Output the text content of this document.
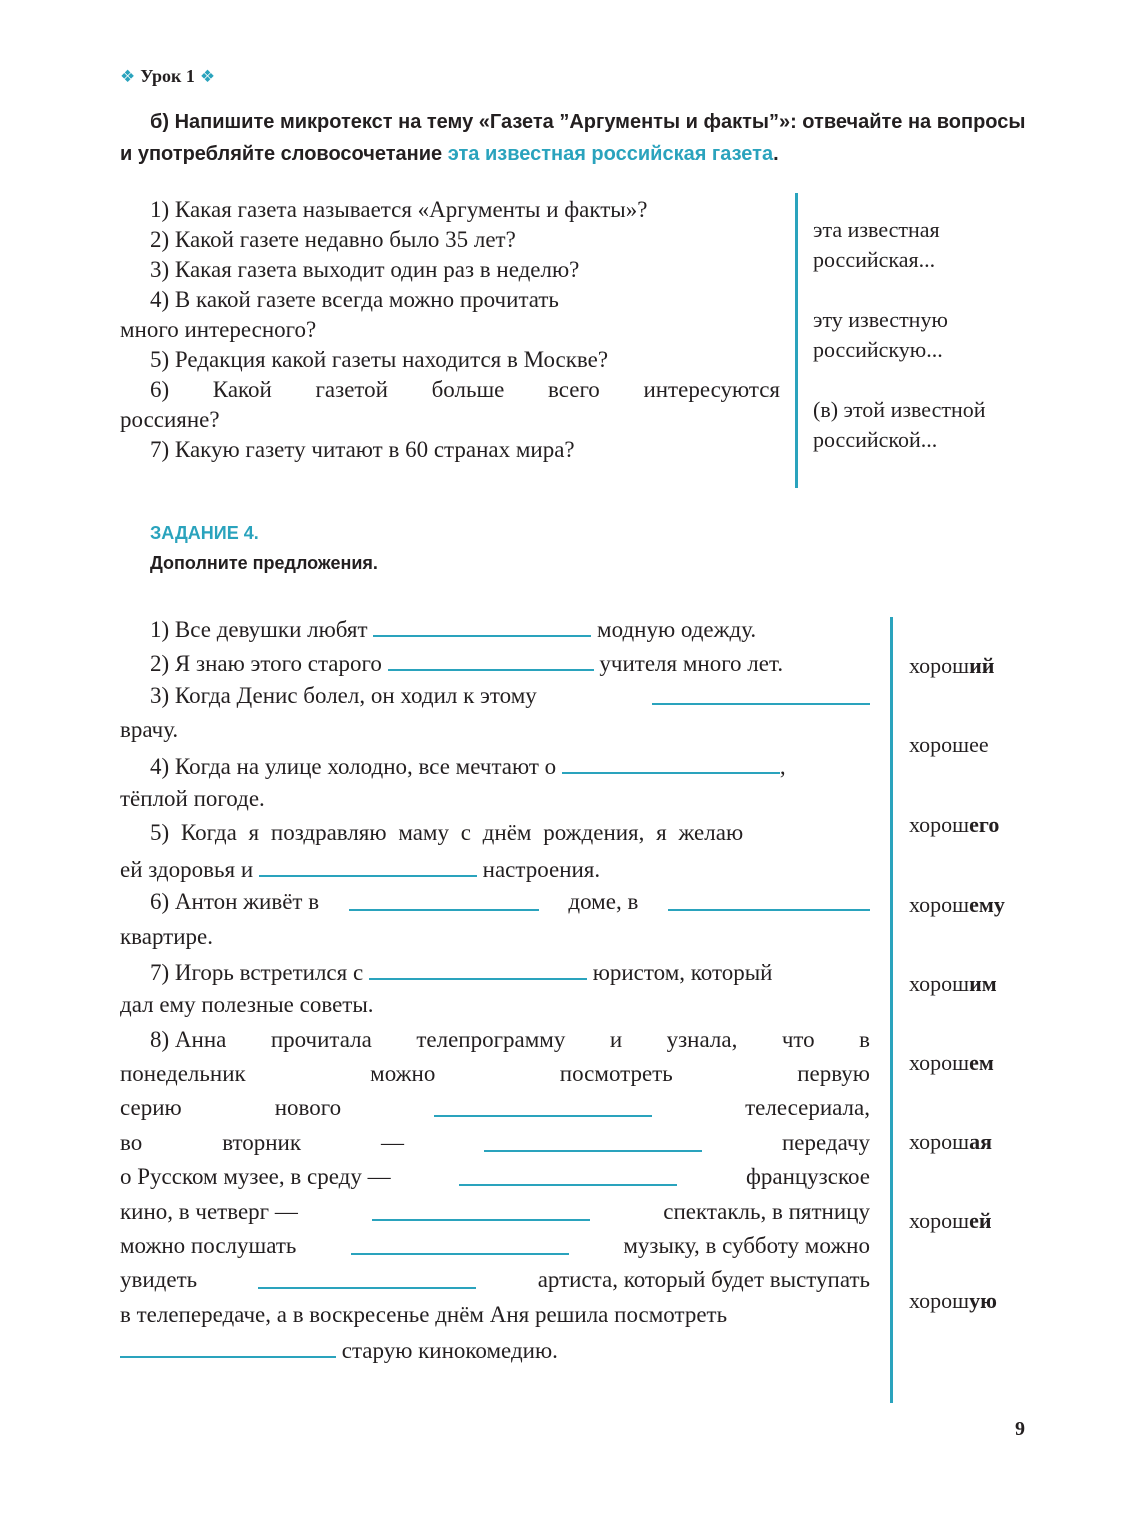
❖ Урок 1 ❖
б) Напишите микротекст на тему «Газета ”Аргументы и факты”»: отвечайте на вопросы и употребляйте словосочетание эта известная российская газета.
1) Какая газета называется «Аргументы и факты»?
2) Какой газете недавно было 35 лет?
3) Какая газета выходит один раз в неделю?
4) В какой газете всегда можно прочитать
много интересного?
5) Редакция какой газеты находится в Москве?
6) Какой газетой больше всего интересуются
россияне?
7) Какую газету читают в 60 странах мира?
эта известная
российская...
эту известную
российскую...
(в) этой известной
российской...
ЗАДАНИЕ 4.
Дополните предложения.
1) Все девушки любят	модную одежду.
2) Я знаю этого старого	учителя много лет.
3) Когда Денис болел, он ходил к этому
врачу.
4) Когда на улице холодно, все мечтают о	,
тёплой погоде.
5) Когда я поздравляю маму с днём рождения, я желаю
ей здоровья и	настроения.
6) Антон живёт в	доме, в
квартире.
7) Игорь встретился с	юристом, который
дал ему полезные советы.
8) Анна прочитала телепрограмму и узнала, что в
понедельник	можно	посмотреть	первую
серию	нового	телесериала,
во	вторник	—	передачу
о Русском музее, в среду —	французское
кино, в четверг —	спектакль, в пятницу
можно послушать	музыку, в субботу можно
увидеть	артиста, который будет выступать
в телепередаче, а в воскресенье днём Аня решила посмотреть
старую кинокомедию.
хороший
хорошее
хорошего
хорошему
хорошим
хорошем
хорошая
хорошей
хорошую
9
